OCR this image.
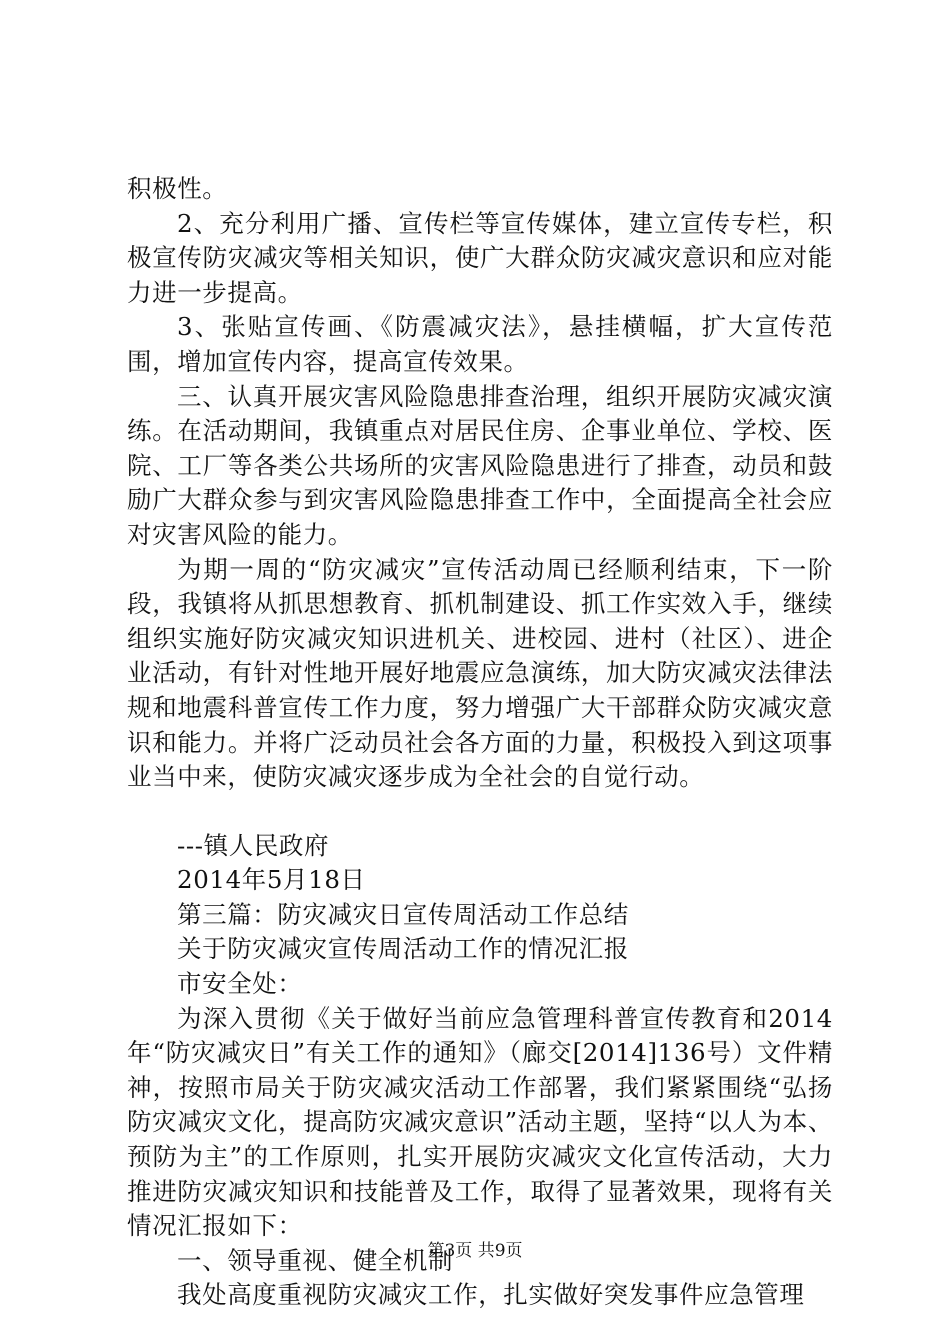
积极性。

2、充分利用广播、宣传栏等宣传媒体，建立宣传专栏，积极宣传防灾减灾等相关知识，使广大群众防灾减灾意识和应对能力进一步提高。

3、张贴宣传画、《防震减灾法》，悬挂横幅，扩大宣传范围，增加宣传内容，提高宣传效果。

三、认真开展灾害风险隐患排查治理，组织开展防灾减灾演练。在活动期间，我镇重点对居民住房、企事业单位、学校、医院、工厂等各类公共场所的灾害风险隐患进行了排查，动员和鼓励广大群众参与到灾害风险隐患排查工作中，全面提高全社会应对灾害风险的能力。

为期一周的“防灾减灾”宣传活动周已经顺利结束，下一阶段，我镇将从抓思想教育、抓机制建设、抓工作实效入手，继续组织实施好防灾减灾知识进机关、进校园、进村（社区）、进企业活动，有针对性地开展好地震应急演练，加大防灾减灾法律法规和地震科普宣传工作力度，努力增强广大干部群众防灾减灾意识和能力。并将广泛动员社会各方面的力量，积极投入到这项事业当中来，使防灾减灾逐步成为全社会的自觉行动。

---镇人民政府

2014年5月18日

第三篇：防灾减灾日宣传周活动工作总结

关于防灾减灾宣传周活动工作的情况汇报

市安全处：

为深入贯彻《关于做好当前应急管理科普宣传教育和2014年“防灾减灾日”有关工作的通知》（廊交[2014]136号）文件精神，按照市局关于防灾减灾活动工作部署，我们紧紧围绕“弘扬防灾减灾文化，提高防灾减灾意识”活动主题，坚持“以人为本、预防为主”的工作原则，扎实开展防灾减灾文化宣传活动，大力推进防灾减灾知识和技能普及工作，取得了显著效果，现将有关情况汇报如下：

一、领导重视、健全机制

我处高度重视防灾减灾工作，扎实做好突发事件应急管理

第3页 共9页
